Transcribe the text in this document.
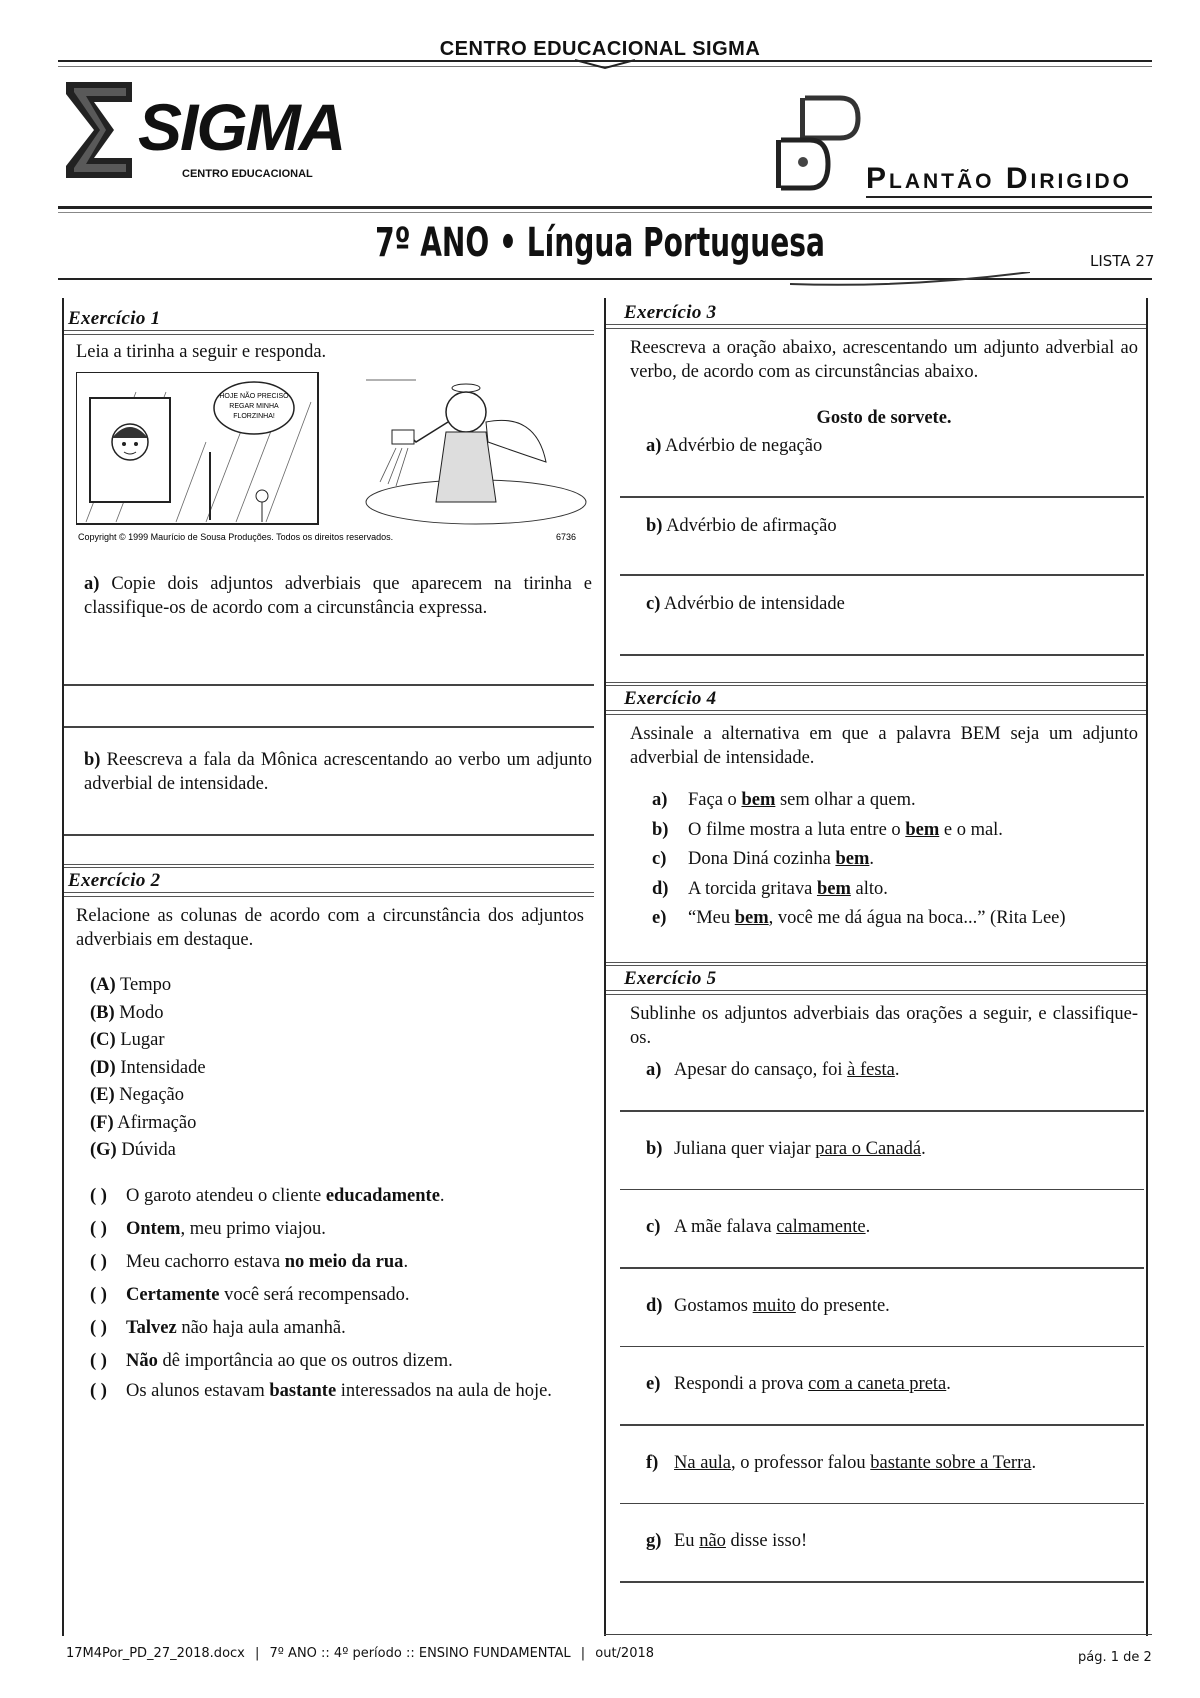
CENTRO EDUCACIONAL SIGMA
SIGMA
CENTRO EDUCACIONAL	Plantão Dirigido
7º ANO • Língua Portuguesa	LISTA 27
Exercício 1
Leia a tirinha a seguir e responda.
HOJE NÃO PRECISO
REGAR MINHA
FLORZINHA!
Copyright © 1999 Maurício de Sousa Produções. Todos os direitos reservados.	6736
a) Copie dois adjuntos adverbiais que aparecem na tirinha e classifique-os de acordo com a circunstância expressa.
b) Reescreva a fala da Mônica acrescentando ao verbo um adjunto adverbial de intensidade.
Exercício 2
Relacione as colunas de acordo com a circunstância dos adjuntos adverbiais em destaque.
(A) Tempo
(B) Modo
(C) Lugar
(D) Intensidade
(E) Negação
(F) Afirmação
(G) Dúvida
( ) O garoto atendeu o cliente educadamente.
( ) Ontem, meu primo viajou.
( ) Meu cachorro estava no meio da rua.
( ) Certamente você será recompensado.
( ) Talvez não haja aula amanhã.
( ) Não dê importância ao que os outros dizem.
( ) Os alunos estavam bastante interessados na aula de hoje.
Exercício 3
Reescreva a oração abaixo, acrescentando um adjunto adverbial ao verbo, de acordo com as circunstâncias abaixo.
Gosto de sorvete.
a) Advérbio de negação
b) Advérbio de afirmação
c) Advérbio de intensidade
Exercício 4
Assinale a alternativa em que a palavra BEM seja um adjunto adverbial de intensidade.
a) Faça o bem sem olhar a quem.
b) O filme mostra a luta entre o bem e o mal.
c) Dona Diná cozinha bem.
d) A torcida gritava bem alto.
e) “Meu bem, você me dá água na boca...” (Rita Lee)
Exercício 5
Sublinhe os adjuntos adverbiais das orações a seguir, e classifique-os.
a) Apesar do cansaço, foi à festa.
b) Juliana quer viajar para o Canadá.
c) A mãe falava calmamente.
d) Gostamos muito do presente.
e) Respondi a prova com a caneta preta.
f) Na aula, o professor falou bastante sobre a Terra.
g) Eu não disse isso!
17M4Por_PD_27_2018.docx | 7º ANO :: 4º período :: ENSINO FUNDAMENTAL | out/2018	pág. 1 de 2
